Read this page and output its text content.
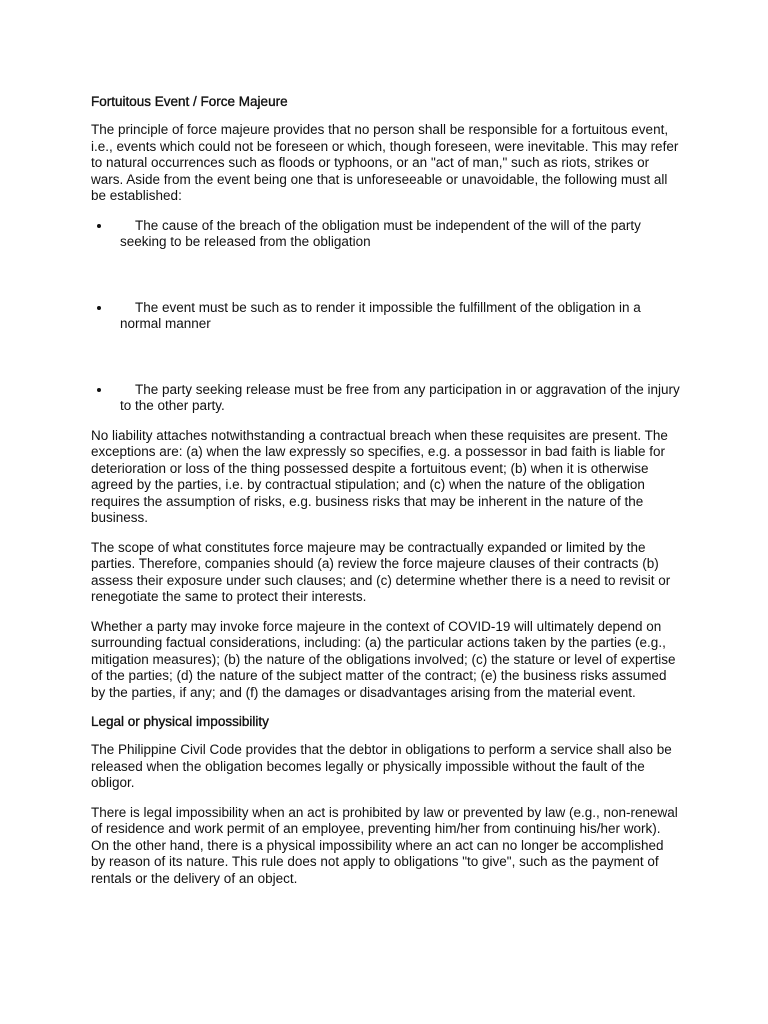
Fortuitous Event / Force Majeure

The principle of force majeure provides that no person shall be responsible for a fortuitous event, i.e., events which could not be foreseen or which, though foreseen, were inevitable. This may refer to natural occurrences such as floods or typhoons, or an "act of man," such as riots, strikes or wars. Aside from the event being one that is unforeseeable or unavoidable, the following must all be established:

The cause of the breach of the obligation must be independent of the will of the party seeking to be released from the obligation
The event must be such as to render it impossible the fulfillment of the obligation in a normal manner
The party seeking release must be free from any participation in or aggravation of the injury to the other party.

No liability attaches notwithstanding a contractual breach when these requisites are present. The exceptions are: (a) when the law expressly so specifies, e.g. a possessor in bad faith is liable for deterioration or loss of the thing possessed despite a fortuitous event; (b) when it is otherwise agreed by the parties, i.e. by contractual stipulation; and (c) when the nature of the obligation requires the assumption of risks, e.g. business risks that may be inherent in the nature of the business.

The scope of what constitutes force majeure may be contractually expanded or limited by the parties. Therefore, companies should (a) review the force majeure clauses of their contracts (b) assess their exposure under such clauses; and (c) determine whether there is a need to revisit or renegotiate the same to protect their interests.

Whether a party may invoke force majeure in the context of COVID-19 will ultimately depend on surrounding factual considerations, including: (a) the particular actions taken by the parties (e.g., mitigation measures); (b) the nature of the obligations involved; (c) the stature or level of expertise of the parties; (d) the nature of the subject matter of the contract; (e) the business risks assumed by the parties, if any; and (f) the damages or disadvantages arising from the material event.

Legal or physical impossibility

The Philippine Civil Code provides that the debtor in obligations to perform a service shall also be released when the obligation becomes legally or physically impossible without the fault of the obligor.

There is legal impossibility when an act is prohibited by law or prevented by law (e.g., non-renewal of residence and work permit of an employee, preventing him/her from continuing his/her work). On the other hand, there is a physical impossibility where an act can no longer be accomplished by reason of its nature. This rule does not apply to obligations "to give", such as the payment of rentals or the delivery of an object.
